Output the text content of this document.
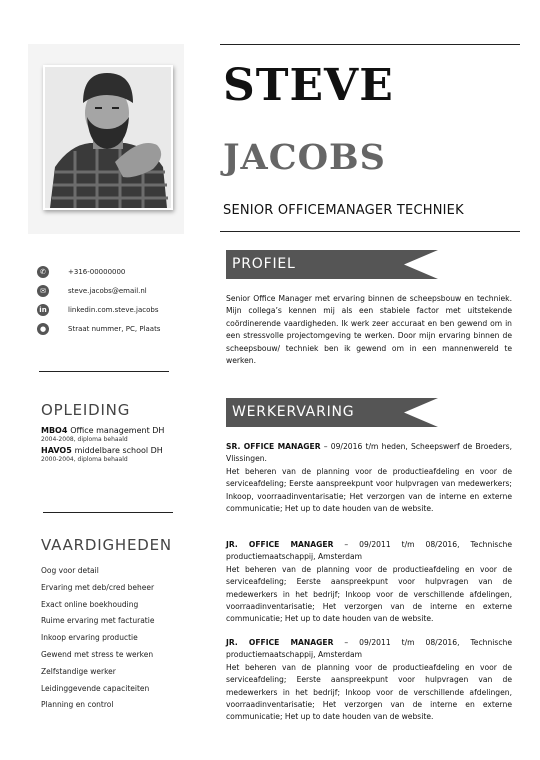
✆	+316-00000000
✉	steve.jacobs@email.nl
in	linkedin.com.steve.jacobs
●	Straat nummer, PC, Plaats
OPLEIDING
MBO4 Office management DH
2004-2008, diploma behaald
HAVO5 middelbare school DH
2000-2004, diploma behaald
VAARDIGHEDEN
Oog voor detail
Ervaring met deb/cred beheer
Exact online boekhouding
Ruime ervaring met facturatie
Inkoop ervaring productie
Gewend met stress te werken
Zelfstandige werker
Leidinggevende capaciteiten
Planning en control
STEVE
JACOBS
SENIOR OFFICEMANAGER TECHNIEK
PROFIEL
Senior Office Manager met ervaring binnen de scheepsbouw en techniek. Mijn collega’s kennen mij als een stabiele factor met uitstekende coördinerende vaardigheden. Ik werk zeer accuraat en ben gewend om in een stressvolle projectomgeving te werken. Door mijn ervaring binnen de scheepsbouw/ techniek ben ik gewend om in een mannenwereld te werken.
WERKERVARING
SR. OFFICE MANAGER – 09/2016 t/m heden, Scheepswerf de Broeders, Vlissingen.
Het beheren van de planning voor de productieafdeling en voor de serviceafdeling; Eerste aanspreekpunt voor hulpvragen van medewerkers; Inkoop, voorraadinventarisatie; Het verzorgen van de interne en externe communicatie; Het up to date houden van de website.
JR. OFFICE MANAGER – 09/2011 t/m 08/2016, Technische productiemaatschappij, Amsterdam
Het beheren van de planning voor de productieafdeling en voor de serviceafdeling; Eerste aanspreekpunt voor hulpvragen van de medewerkers in het bedrijf; Inkoop voor de verschillende afdelingen, voorraadinventarisatie; Het verzorgen van de interne en externe communicatie; Het up to date houden van de website.
JR. OFFICE MANAGER – 09/2011 t/m 08/2016, Technische productiemaatschappij, Amsterdam
Het beheren van de planning voor de productieafdeling en voor de serviceafdeling; Eerste aanspreekpunt voor hulpvragen van de medewerkers in het bedrijf; Inkoop voor de verschillende afdelingen, voorraadinventarisatie; Het verzorgen van de interne en externe communicatie; Het up to date houden van de website.
